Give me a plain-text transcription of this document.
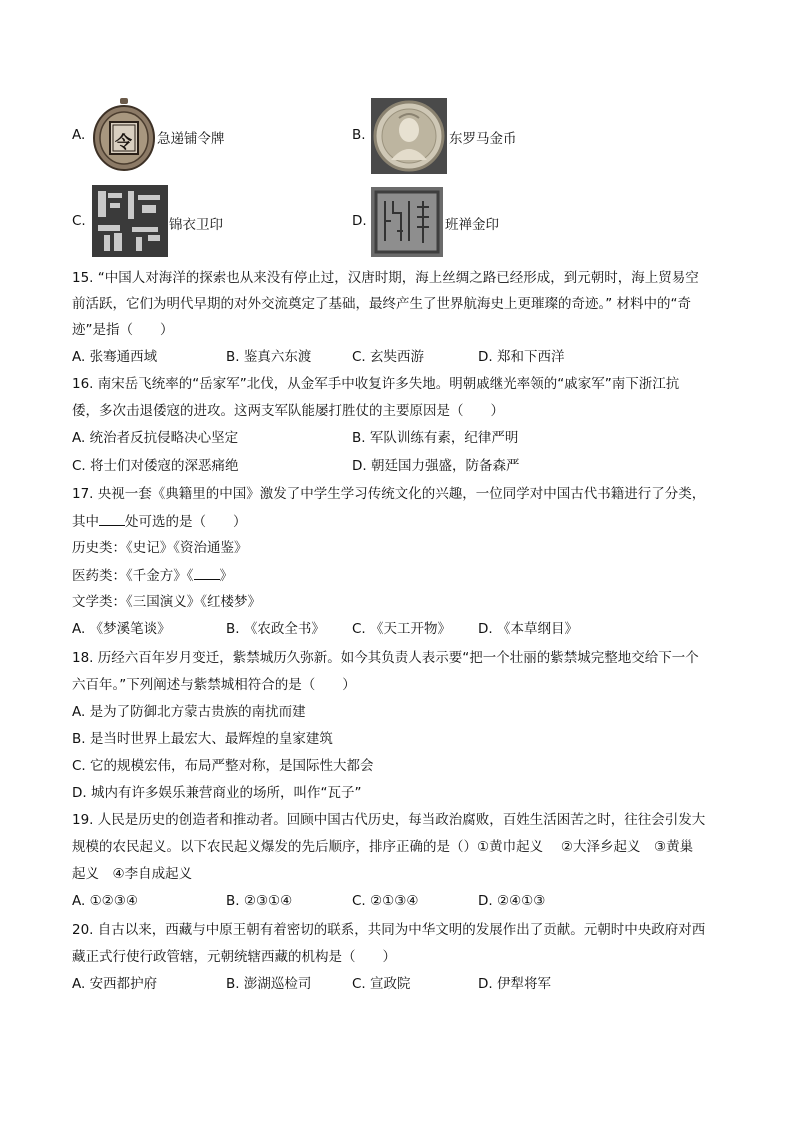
A. 令 急递铺令牌	B.	东罗马金币
C.	锦衣卫印	D.	班禅金印
15. “中国人对海洋的探索也从来没有停止过，汉唐时期，海上丝绸之路已经形成，到元朝时，海上贸易空
前活跃，它们为明代早期的对外交流奠定了基础，最终产生了世界航海史上更璀璨的奇迹。” 材料中的“奇
迹”是指（　　）
A. 张骞通西域	B. 鉴真六东渡	C. 玄奘西游	D. 郑和下西洋
16. 南宋岳飞统率的“岳家军”北伐，从金军手中收复许多失地。明朝戚继光率领的“戚家军”南下浙江抗
倭，多次击退倭寇的进攻。这两支军队能屡打胜仗的主要原因是（　　）
A. 统治者反抗侵略决心坚定	B. 军队训练有素，纪律严明
C. 将士们对倭寇的深恶痛绝	D. 朝廷国力强盛，防备森严
17. 央视一套《典籍里的中国》激发了中学生学习传统文化的兴趣，一位同学对中国古代书籍进行了分类，
其中 处可选的是（　　）
历史类：《史记》《资治通鉴》
医药类：《千金方》《 》
文学类：《三国演义》《红楼梦》
A. 《梦溪笔谈》	B. 《农政全书》 C. 《天工开物》 D. 《本草纲目》
18. 历经六百年岁月变迁，紫禁城历久弥新。如今其负责人表示要“把一个壮丽的紫禁城完整地交给下一个
六百年。”下列阐述与紫禁城相符合的是（　　）
A. 是为了防御北方蒙古贵族的南扰而建
B. 是当时世界上最宏大、最辉煌的皇家建筑
C. 它的规模宏伟，布局严整对称，是国际性大都会
D. 城内有许多娱乐兼营商业的场所，叫作“瓦子”
19. 人民是历史的创造者和推动者。回顾中国古代历史，每当政治腐败，百姓生活困苦之时，往往会引发大
规模的农民起义。以下农民起义爆发的先后顺序，排序正确的是（）①黄巾起义　 ②大泽乡起义　③黄巢
起义　④李自成起义
A. ①②③④	B. ②③①④	C. ②①③④	D. ②④①③
20. 自古以来，西藏与中原王朝有着密切的联系，共同为中华文明的发展作出了贡献。元朝时中央政府对西
藏正式行使行政管辖，元朝统辖西藏的机构是（　　）
A. 安西都护府	B. 澎湖巡检司	C. 宣政院	D. 伊犁将军
